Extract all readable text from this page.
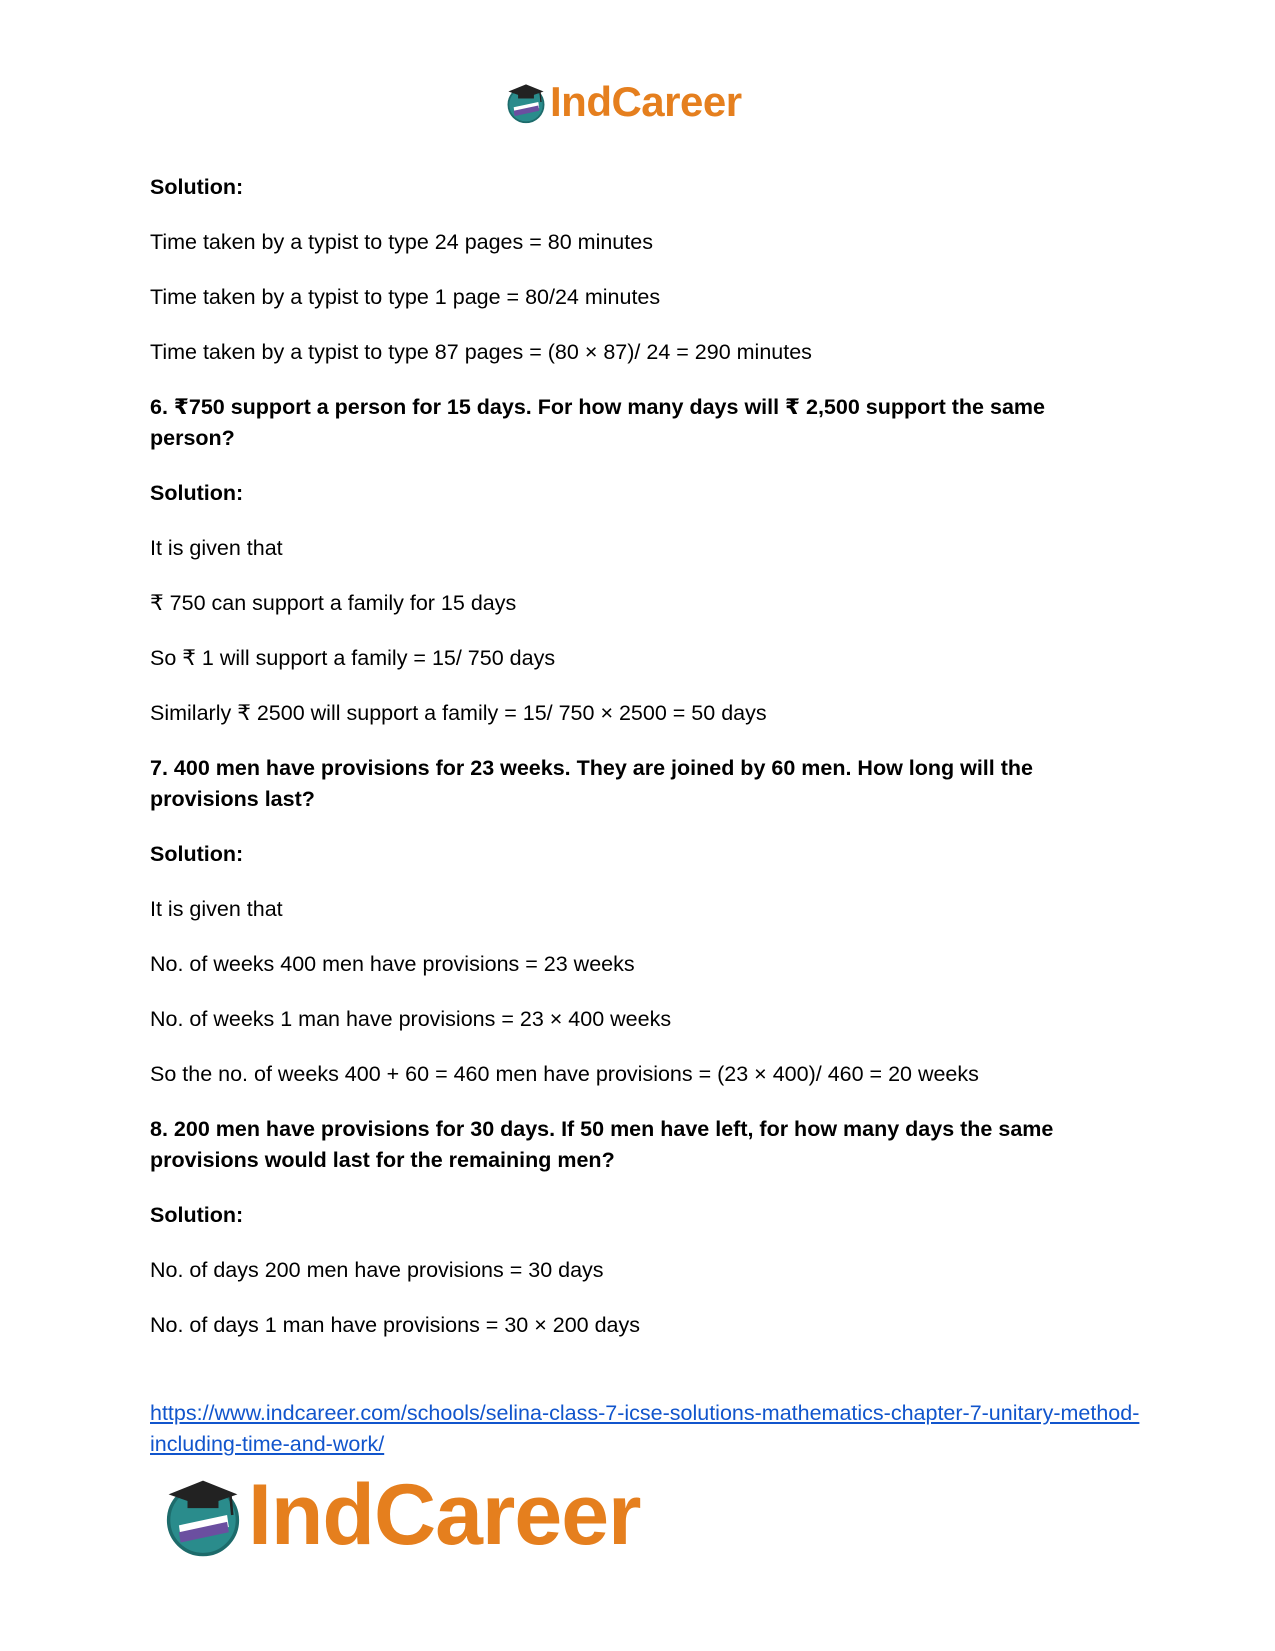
IndCareer

Solution:

Time taken by a typist to type 24 pages = 80 minutes

Time taken by a typist to type 1 page = 80/24 minutes

Time taken by a typist to type 87 pages = (80 × 87)/ 24 = 290 minutes

6. ₹750 support a person for 15 days. For how many days will ₹ 2,500 support the same person?

Solution:

It is given that

₹ 750 can support a family for 15 days

So ₹ 1 will support a family = 15/ 750 days

Similarly ₹ 2500 will support a family = 15/ 750 × 2500 = 50 days

7. 400 men have provisions for 23 weeks. They are joined by 60 men. How long will the provisions last?

Solution:

It is given that

No. of weeks 400 men have provisions = 23 weeks

No. of weeks 1 man have provisions = 23 × 400 weeks

So the no. of weeks 400 + 60 = 460 men have provisions = (23 × 400)/ 460 = 20 weeks

8. 200 men have provisions for 30 days. If 50 men have left, for how many days the same provisions would last for the remaining men?

Solution:

No. of days 200 men have provisions = 30 days

No. of days 1 man have provisions = 30 × 200 days

https://www.indcareer.com/schools/selina-class-7-icse-solutions-mathematics-chapter-7-unitary-method-including-time-and-work/
IndCareer
